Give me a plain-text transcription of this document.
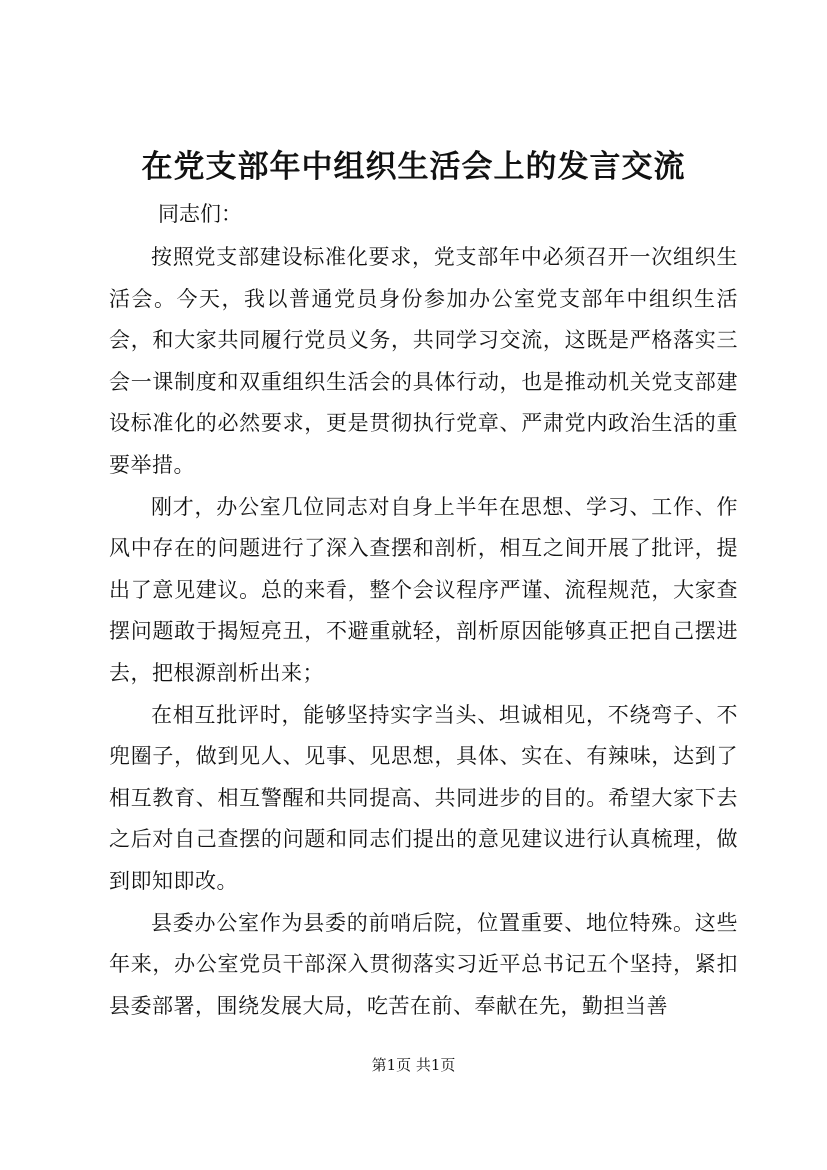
在党支部年中组织生活会上的发言交流
同志们：

按照党支部建设标准化要求，党支部年中必须召开一次组织生活会。今天，我以普通党员身份参加办公室党支部年中组织生活会，和大家共同履行党员义务，共同学习交流，这既是严格落实三会一课制度和双重组织生活会的具体行动，也是推动机关党支部建设标准化的必然要求，更是贯彻执行党章、严肃党内政治生活的重要举措。

刚才，办公室几位同志对自身上半年在思想、学习、工作、作风中存在的问题进行了深入查摆和剖析，相互之间开展了批评，提出了意见建议。总的来看，整个会议程序严谨、流程规范，大家查摆问题敢于揭短亮丑，不避重就轻，剖析原因能够真正把自己摆进去，把根源剖析出来；

在相互批评时，能够坚持实字当头、坦诚相见，不绕弯子、不兜圈子，做到见人、见事、见思想，具体、实在、有辣味，达到了相互教育、相互警醒和共同提高、共同进步的目的。希望大家下去之后对自己查摆的问题和同志们提出的意见建议进行认真梳理，做到即知即改。

县委办公室作为县委的前哨后院，位置重要、地位特殊。这些年来，办公室党员干部深入贯彻落实习近平总书记五个坚持，紧扣县委部署，围绕发展大局，吃苦在前、奉献在先，勤担当善

第1页 共1页
